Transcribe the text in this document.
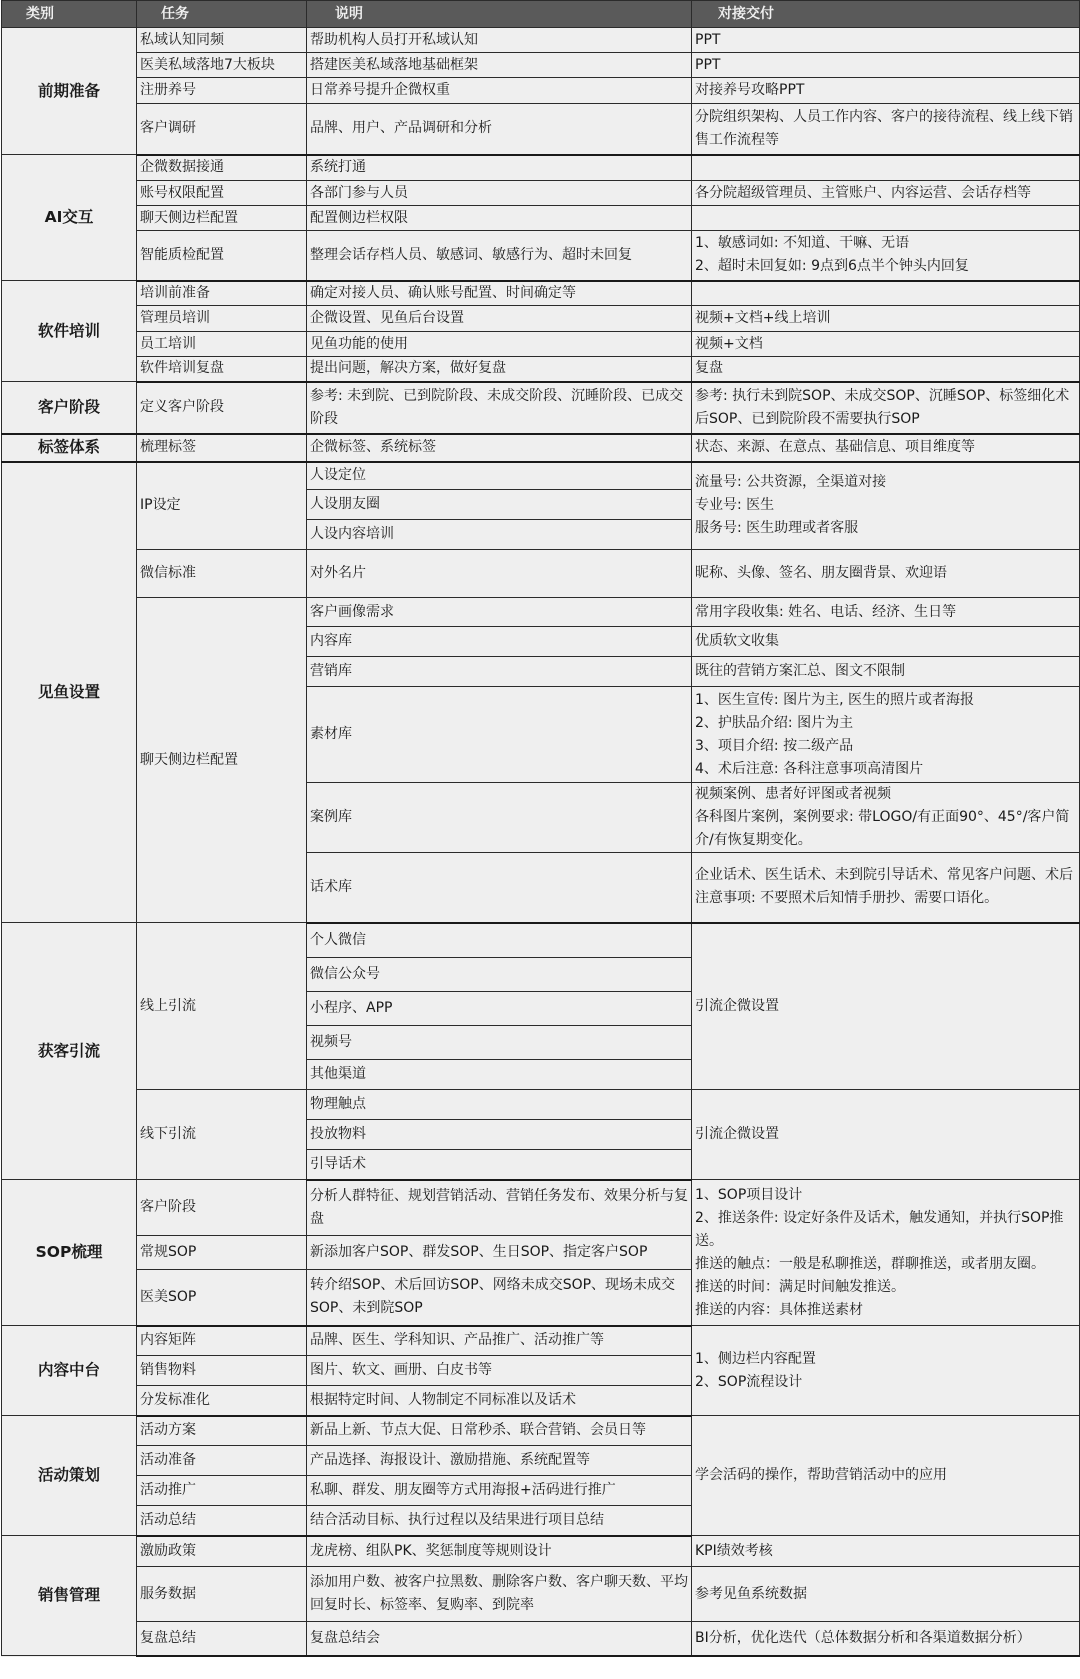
类别	任务	说明	对接交付
前期准备	私域认知同频	帮助机构人员打开私域认知	PPT
	医美私域落地7大板块	搭建医美私域落地基础框架	PPT
	注册养号	日常养号提升企微权重	对接养号攻略PPT
	客户调研	品牌、用户、产品调研和分析	分院组织架构、人员工作内容、客户的接待流程、线上线下销售工作流程等
AI交互	企微数据接通	系统打通	
	账号权限配置	各部门参与人员	各分院超级管理员、主管账户、内容运营、会话存档等
	聊天侧边栏配置	配置侧边栏权限	
	智能质检配置	整理会话存档人员、敏感词、敏感行为、超时未回复	1、敏感词如: 不知道、干嘛、无语
2、超时未回复如: 9点到6点半个钟头内回复
软件培训	培训前准备	确定对接人员、确认账号配置、时间确定等	
	管理员培训	企微设置、见鱼后台设置	视频+文档+线上培训
	员工培训	见鱼功能的使用	视频+文档
	软件培训复盘	提出问题，解决方案，做好复盘	复盘
客户阶段	定义客户阶段	参考: 未到院、已到院阶段、未成交阶段、沉睡阶段、已成交阶段	参考: 执行未到院SOP、未成交SOP、沉睡SOP、标签细化术后SOP、已到院阶段不需要执行SOP
标签体系	梳理标签	企微标签、系统标签	状态、来源、在意点、基础信息、项目维度等
见鱼设置	IP设定	人设定位	流量号: 公共资源，全渠道对接
专业号: 医生
服务号: 医生助理或者客服
		人设朋友圈	
		人设内容培训	
	微信标准	对外名片	昵称、头像、签名、朋友圈背景、欢迎语
	聊天侧边栏配置	客户画像需求	常用字段收集: 姓名、电话、经济、生日等
		内容库	优质软文收集
		营销库	既往的营销方案汇总、图文不限制
		素材库	1、医生宣传: 图片为主, 医生的照片或者海报
2、护肤品介绍: 图片为主
3、项目介绍: 按二级产品
4、术后注意: 各科注意事项高清图片
		案例库	视频案例、患者好评图或者视频
各科图片案例，案例要求: 带LOGO/有正面90°、45°/客户简介/有恢复期变化。
		话术库	企业话术、医生话术、未到院引导话术、常见客户问题、术后注意事项: 不要照术后知情手册抄、需要口语化。
获客引流	线上引流	个人微信	引流企微设置
		微信公众号	
		小程序、APP	
		视频号	
		其他渠道	
	线下引流	物理触点	引流企微设置
		投放物料	
		引导话术	
SOP梳理	客户阶段	分析人群特征、规划营销活动、营销任务发布、效果分析与复盘	1、SOP项目设计
2、推送条件: 设定好条件及话术，触发通知，并执行SOP推送。
推送的触点：一般是私聊推送，群聊推送，或者朋友圈。
推送的时间：满足时间触发推送。
推送的内容：具体推送素材
	常规SOP	新添加客户SOP、群发SOP、生日SOP、指定客户SOP	
	医美SOP	转介绍SOP、术后回访SOP、网络未成交SOP、现场未成交SOP、未到院SOP	
内容中台	内容矩阵	品牌、医生、学科知识、产品推广、活动推广等	1、侧边栏内容配置
2、SOP流程设计
	销售物料	图片、软文、画册、白皮书等	
	分发标准化	根据特定时间、人物制定不同标准以及话术	
活动策划	活动方案	新品上新、节点大促、日常秒杀、联合营销、会员日等	学会活码的操作，帮助营销活动中的应用
	活动准备	产品选择、海报设计、激励措施、系统配置等	
	活动推广	私聊、群发、朋友圈等方式用海报+活码进行推广	
	活动总结	结合活动目标、执行过程以及结果进行项目总结	
销售管理	激励政策	龙虎榜、组队PK、奖惩制度等规则设计	KPI绩效考核
	服务数据	添加用户数、被客户拉黑数、删除客户数、客户聊天数、平均回复时长、标签率、复购率、到院率	参考见鱼系统数据
	复盘总结	复盘总结会	BI分析，优化迭代（总体数据分析和各渠道数据分析）
